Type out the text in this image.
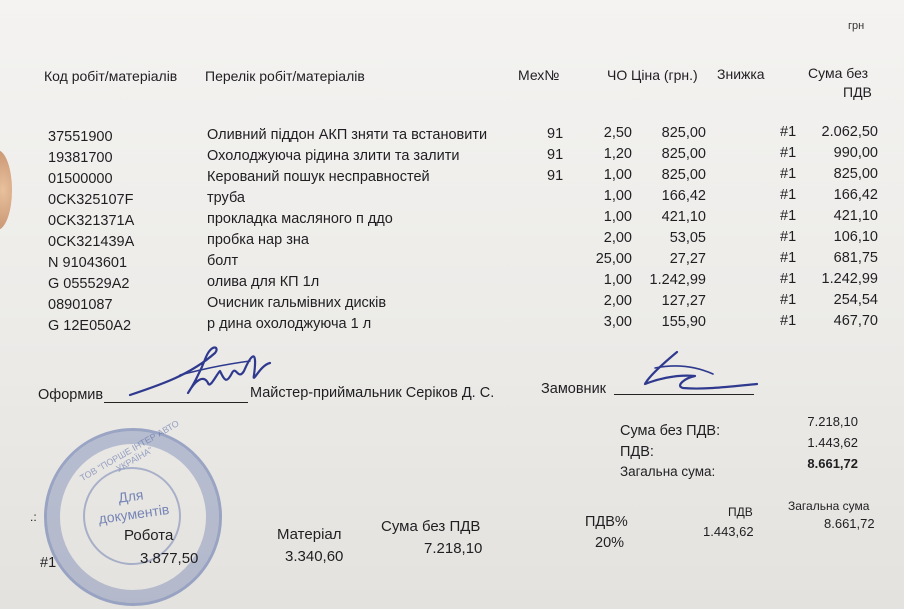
грн
Код робіт/матеріалів Перелік робіт/матеріалів	Мех№	ЧО Ціна (грн.) Знижка	Сума без
ПДВ
37551900	Оливний піддон АКП зняти та встановити	91	2,50	825,00	#1	2.062,50
19381700	Охолоджуюча рідина злити та залити	91	1,20	825,00	#1	990,00
01500000	Керований пошук несправностей	91	1,00	825,00	#1	825,00
0CK325107F	труба	1,00	166,42	#1	166,42
0CK321371A	прокладка масляного п ддо	1,00	421,10	#1	421,10
0CK321439A	пробка нар зна	2,00	53,05	#1	106,10
N 91043601	болт	25,00	27,27	#1	681,75
G 055529A2	олива для КП 1л	1,00	1.242,99	#1	1.242,99
08901087	Очисник гальмівних дисків	2,00	127,27	#1	254,54
G 12E050A2	р дина охолоджуюча 1 л	3,00	155,90	#1	467,70
Оформив	Майстер-приймальник Серіков Д. С.	Замовник
Сума без ПДВ:
7.218,10
ПДВ:
1.443,62
Загальна сума:
8.661,72
ТОВ "ПОРШЕ ІНТЕР АВТО УКРАЇНА"
Для
документів
.:
#1
Робота
3.877,50
Матеріал
3.340,60
Сума без ПДВ
7.218,10
ПДВ%
20%
ПДВ
1.443,62
Загальна сума
8.661,72
